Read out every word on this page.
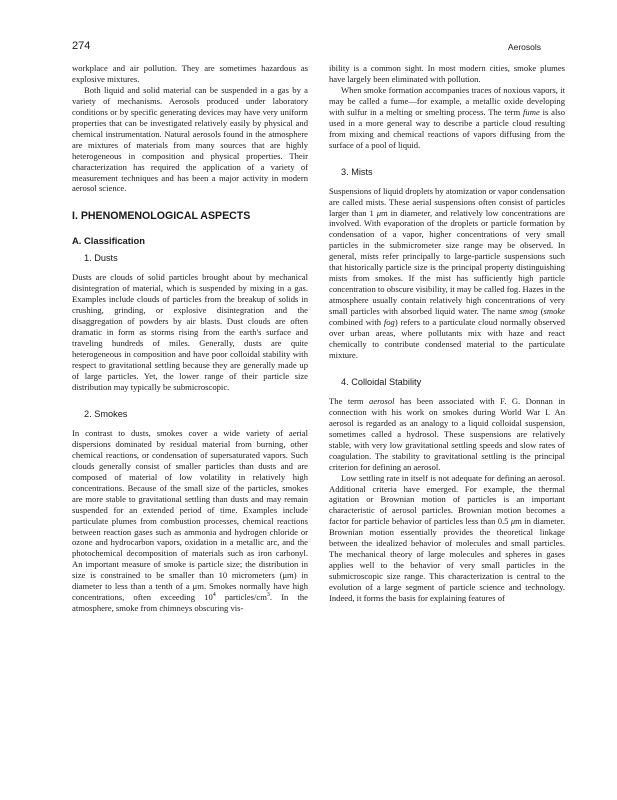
274	Aerosols

workplace and air pollution. They are sometimes hazardous as explosive mixtures.

Both liquid and solid material can be suspended in a gas by a variety of mechanisms. Aerosols produced under laboratory conditions or by specific generating devices may have very uniform properties that can be investigated relatively easily by physical and chemical instrumentation. Natural aerosols found in the atmosphere are mixtures of materials from many sources that are highly heterogeneous in composition and physical properties. Their characterization has required the application of a variety of measurement techniques and has been a major activity in modern aerosol science.

I. PHENOMENOLOGICAL ASPECTS

A. Classification

1. Dusts

Dusts are clouds of solid particles brought about by mechanical disintegration of material, which is suspended by mixing in a gas. Examples include clouds of particles from the breakup of solids in crushing, grinding, or explosive disintegration and the disaggregation of powders by air blasts. Dust clouds are often dramatic in form as storms rising from the earth's surface and traveling hundreds of miles. Generally, dusts are quite heterogeneous in composition and have poor colloidal stability with respect to gravitational settling because they are generally made up of large particles. Yet, the lower range of their particle size distribution may typically be submicroscopic.

2. Smokes

In contrast to dusts, smokes cover a wide variety of aerial dispersions dominated by residual material from burning, other chemical reactions, or condensation of supersaturated vapors. Such clouds generally consist of smaller particles than dusts and are composed of material of low volatility in relatively high concentrations. Because of the small size of the particles, smokes are more stable to gravitational settling than dusts and may remain suspended for an extended period of time. Examples include particulate plumes from combustion processes, chemical reactions between reaction gases such as ammonia and hydrogen chloride or ozone and hydrocarbon vapors, oxidation in a metallic arc, and the photochemical decomposition of materials such as iron carbonyl. An important measure of smoke is particle size; the distribution in size is constrained to be smaller than 10 micrometers (μm) in diameter to less than a tenth of a μm. Smokes normally have high concentrations, often exceeding $10^4$ particles/$cm^3$. In the atmosphere, smoke from chimneys obscuring vis-

ibility is a common sight. In most modern cities, smoke plumes have largely been eliminated with pollution.

When smoke formation accompanies traces of noxious vapors, it may be called a fume—for example, a metallic oxide developing with sulfur in a melting or smelting process. The term fume is also used in a more general way to describe a particle cloud resulting from mixing and chemical reactions of vapors diffusing from the surface of a pool of liquid.

3. Mists

Suspensions of liquid droplets by atomization or vapor condensation are called mists. These aerial suspensions often consist of particles larger than 1 μm in diameter, and relatively low concentrations are involved. With evaporation of the droplets or particle formation by condensation of a vapor, higher concentrations of very small particles in the submicrometer size range may be observed. In general, mists refer principally to large-particle suspensions such that historically particle size is the principal property distinguishing mists from smokes. If the mist has sufficiently high particle concentration to obscure visibility, it may be called fog. Hazes in the atmosphere usually contain relatively high concentrations of very small particles with absorbed liquid water. The name smog (smoke combined with fog) refers to a particulate cloud normally observed over urban areas, where pollutants mix with haze and react chemically to contribute condensed material to the particulate mixture.

4. Colloidal Stability

The term aerosol has been associated with F. G. Donnan in connection with his work on smokes during World War I. An aerosol is regarded as an analogy to a liquid colloidal suspension, sometimes called a hydrosol. These suspensions are relatively stable, with very low gravitational settling speeds and slow rates of coagulation. The stability to gravitational settling is the principal criterion for defining an aerosol.

Low settling rate in itself is not adequate for defining an aerosol. Additional criteria have emerged. For example, the thermal agitation or Brownian motion of particles is an important characteristic of aerosol particles. Brownian motion becomes a factor for particle behavior of particles less than 0.5 μm in diameter. Brownian motion essentially provides the theoretical linkage between the idealized behavior of molecules and small particles. The mechanical theory of large molecules and spheres in gases applies well to the behavior of very small particles in the submicroscopic size range. This characterization is central to the evolution of a large segment of particle science and technology. Indeed, it forms the basis for explaining features of
